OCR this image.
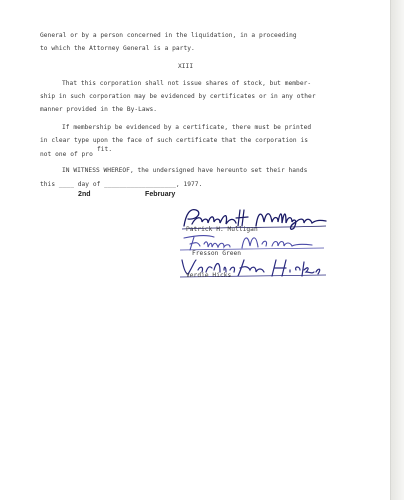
General or by a person concerned in the liquidation, in a proceeding
to which the Attorney General is a party.
XIII
That this corporation shall not issue shares of stock, but member-
ship in such corporation may be evidenced by certificates or in any other
manner provided in the By-Laws.
If membership be evidenced by a certificate, there must be printed
in clear type upon the face of such certificate that the corporation is
not one of pro
fit.
IN WITNESS WHEREOF, the undersigned have hereunto set their hands
this ____ day of ___________________, 1977.
2nd	February
Patrick H. Mulligan
Fresson Green
Verdie Hicks
